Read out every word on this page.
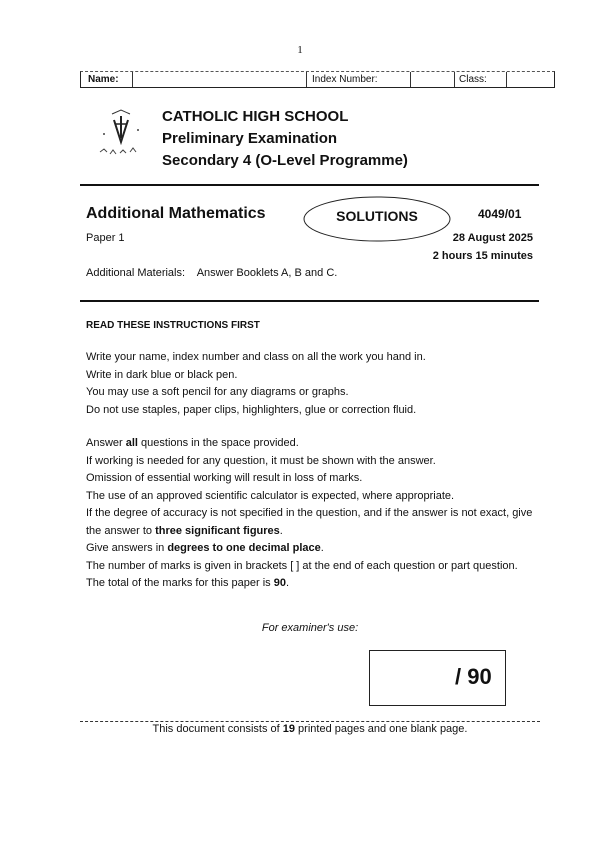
1
Name:	Index Number:	Class:
CATHOLIC HIGH SCHOOL
Preliminary Examination
Secondary 4 (O-Level Programme)
Additional Mathematics	SOLUTIONS	4049/01
Paper 1	28 August 2025
2 hours 15 minutes
Additional Materials: Answer Booklets A, B and C.
READ THESE INSTRUCTIONS FIRST

Write your name, index number and class on all the work you hand in.

Write in dark blue or black pen.

You may use a soft pencil for any diagrams or graphs.

Do not use staples, paper clips, highlighters, glue or correction fluid.

Answer all questions in the space provided.

If working is needed for any question, it must be shown with the answer.

Omission of essential working will result in loss of marks.

The use of an approved scientific calculator is expected, where appropriate.

If the degree of accuracy is not specified in the question, and if the answer is not exact, give the answer to three significant figures.

Give answers in degrees to one decimal place.

The number of marks is given in brackets [ ] at the end of each question or part question.

The total of the marks for this paper is 90.

For examiner's use:
/ 90
This document consists of 19 printed pages and one blank page.
